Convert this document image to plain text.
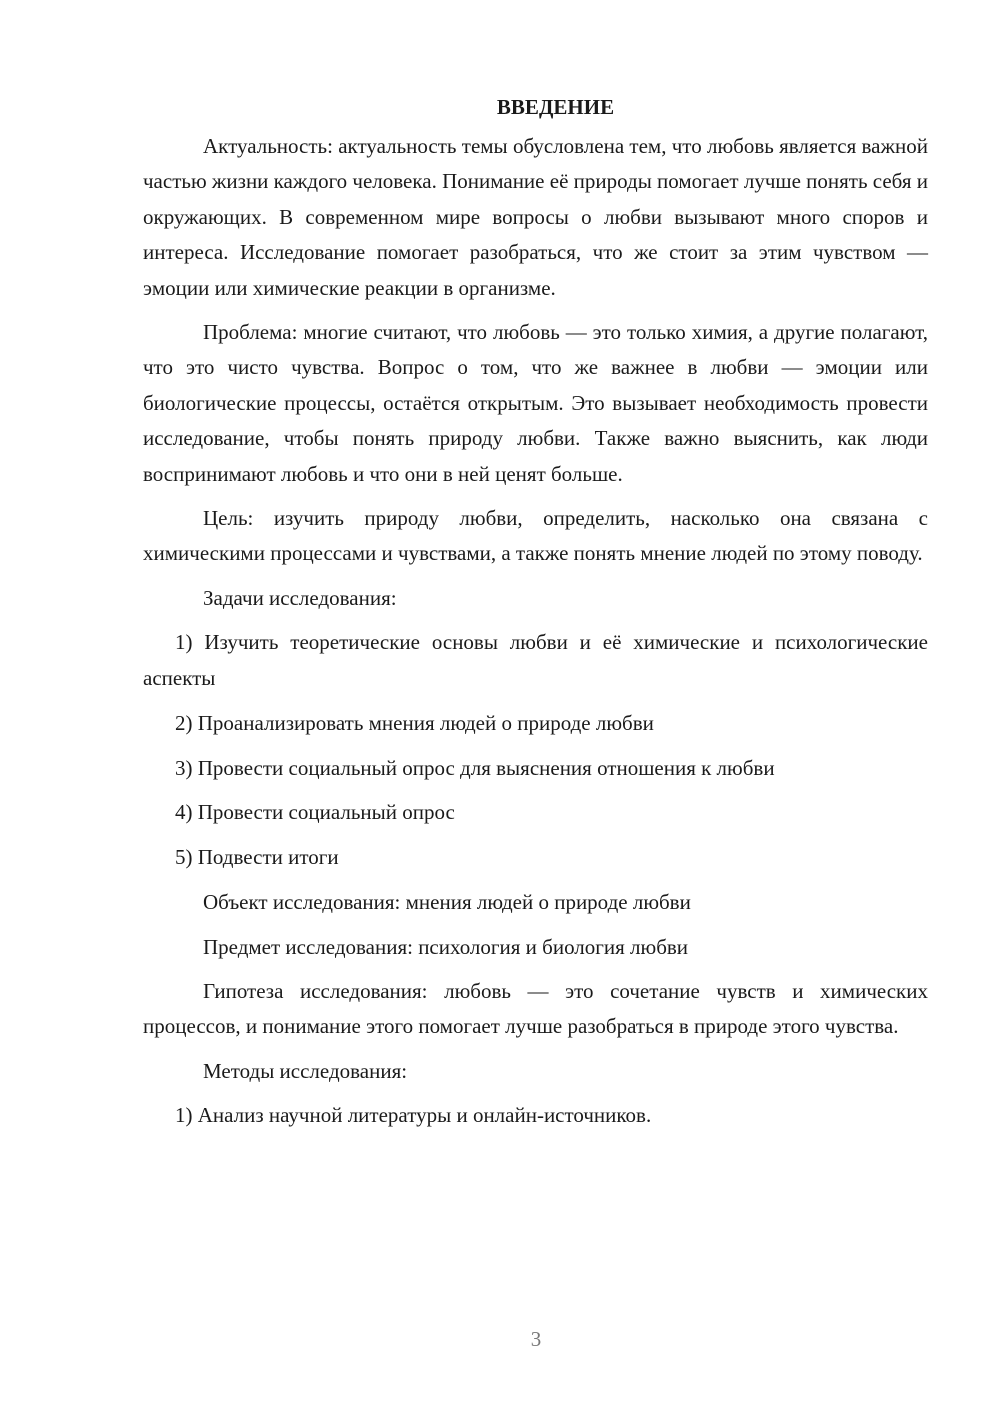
ВВЕДЕНИЕ

Актуальность: актуальность темы обусловлена тем, что любовь является важной частью жизни каждого человека. Понимание её природы помогает лучше понять себя и окружающих. В современном мире вопросы о любви вызывают много споров и интереса. Исследование помогает разобраться, что же стоит за этим чувством — эмоции или химические реакции в организме.

Проблема: многие считают, что любовь — это только химия, а другие полагают, что это чисто чувства. Вопрос о том, что же важнее в любви — эмоции или биологические процессы, остаётся открытым. Это вызывает необходимость провести исследование, чтобы понять природу любви. Также важно выяснить, как люди воспринимают любовь и что они в ней ценят больше.

Цель: изучить природу любви, определить, насколько она связана с химическими процессами и чувствами, а также понять мнение людей по этому поводу.

Задачи исследования:

1) Изучить теоретические основы любви и её химические и психологические аспекты

2) Проанализировать мнения людей о природе любви

3) Провести социальный опрос для выяснения отношения к любви

4) Провести социальный опрос

5) Подвести итоги

Объект исследования: мнения людей о природе любви

Предмет исследования: психология и биология любви

Гипотеза исследования: любовь — это сочетание чувств и химических процессов, и понимание этого помогает лучше разобраться в природе этого чувства.

Методы исследования:

1) Анализ научной литературы и онлайн-источников.

3
